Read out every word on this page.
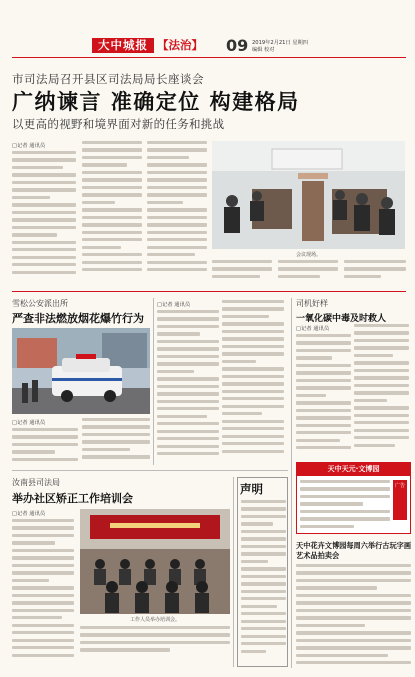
大中城报 【法治】 09 2019年2月21日 星期四
编辑 校对
市司法局召开县区司法局局长座谈会
广纳谏言 准确定位 构建格局
以更高的视野和境界面对新的任务和挑战
□记者 通讯员
会议现场。
雪松公安派出所
严查非法燃放烟花爆竹行为
□记者 通讯员
□记者 通讯员
汝南县司法局
举办社区矫正工作培训会
□记者 通讯员
工作人员举办培训会。
声明
司机好样
一氧化碳中毒及时救人
□记者 通讯员
天中天元·文博园
广告
天中花卉文博园每周六举行古玩字画艺术品拍卖会
